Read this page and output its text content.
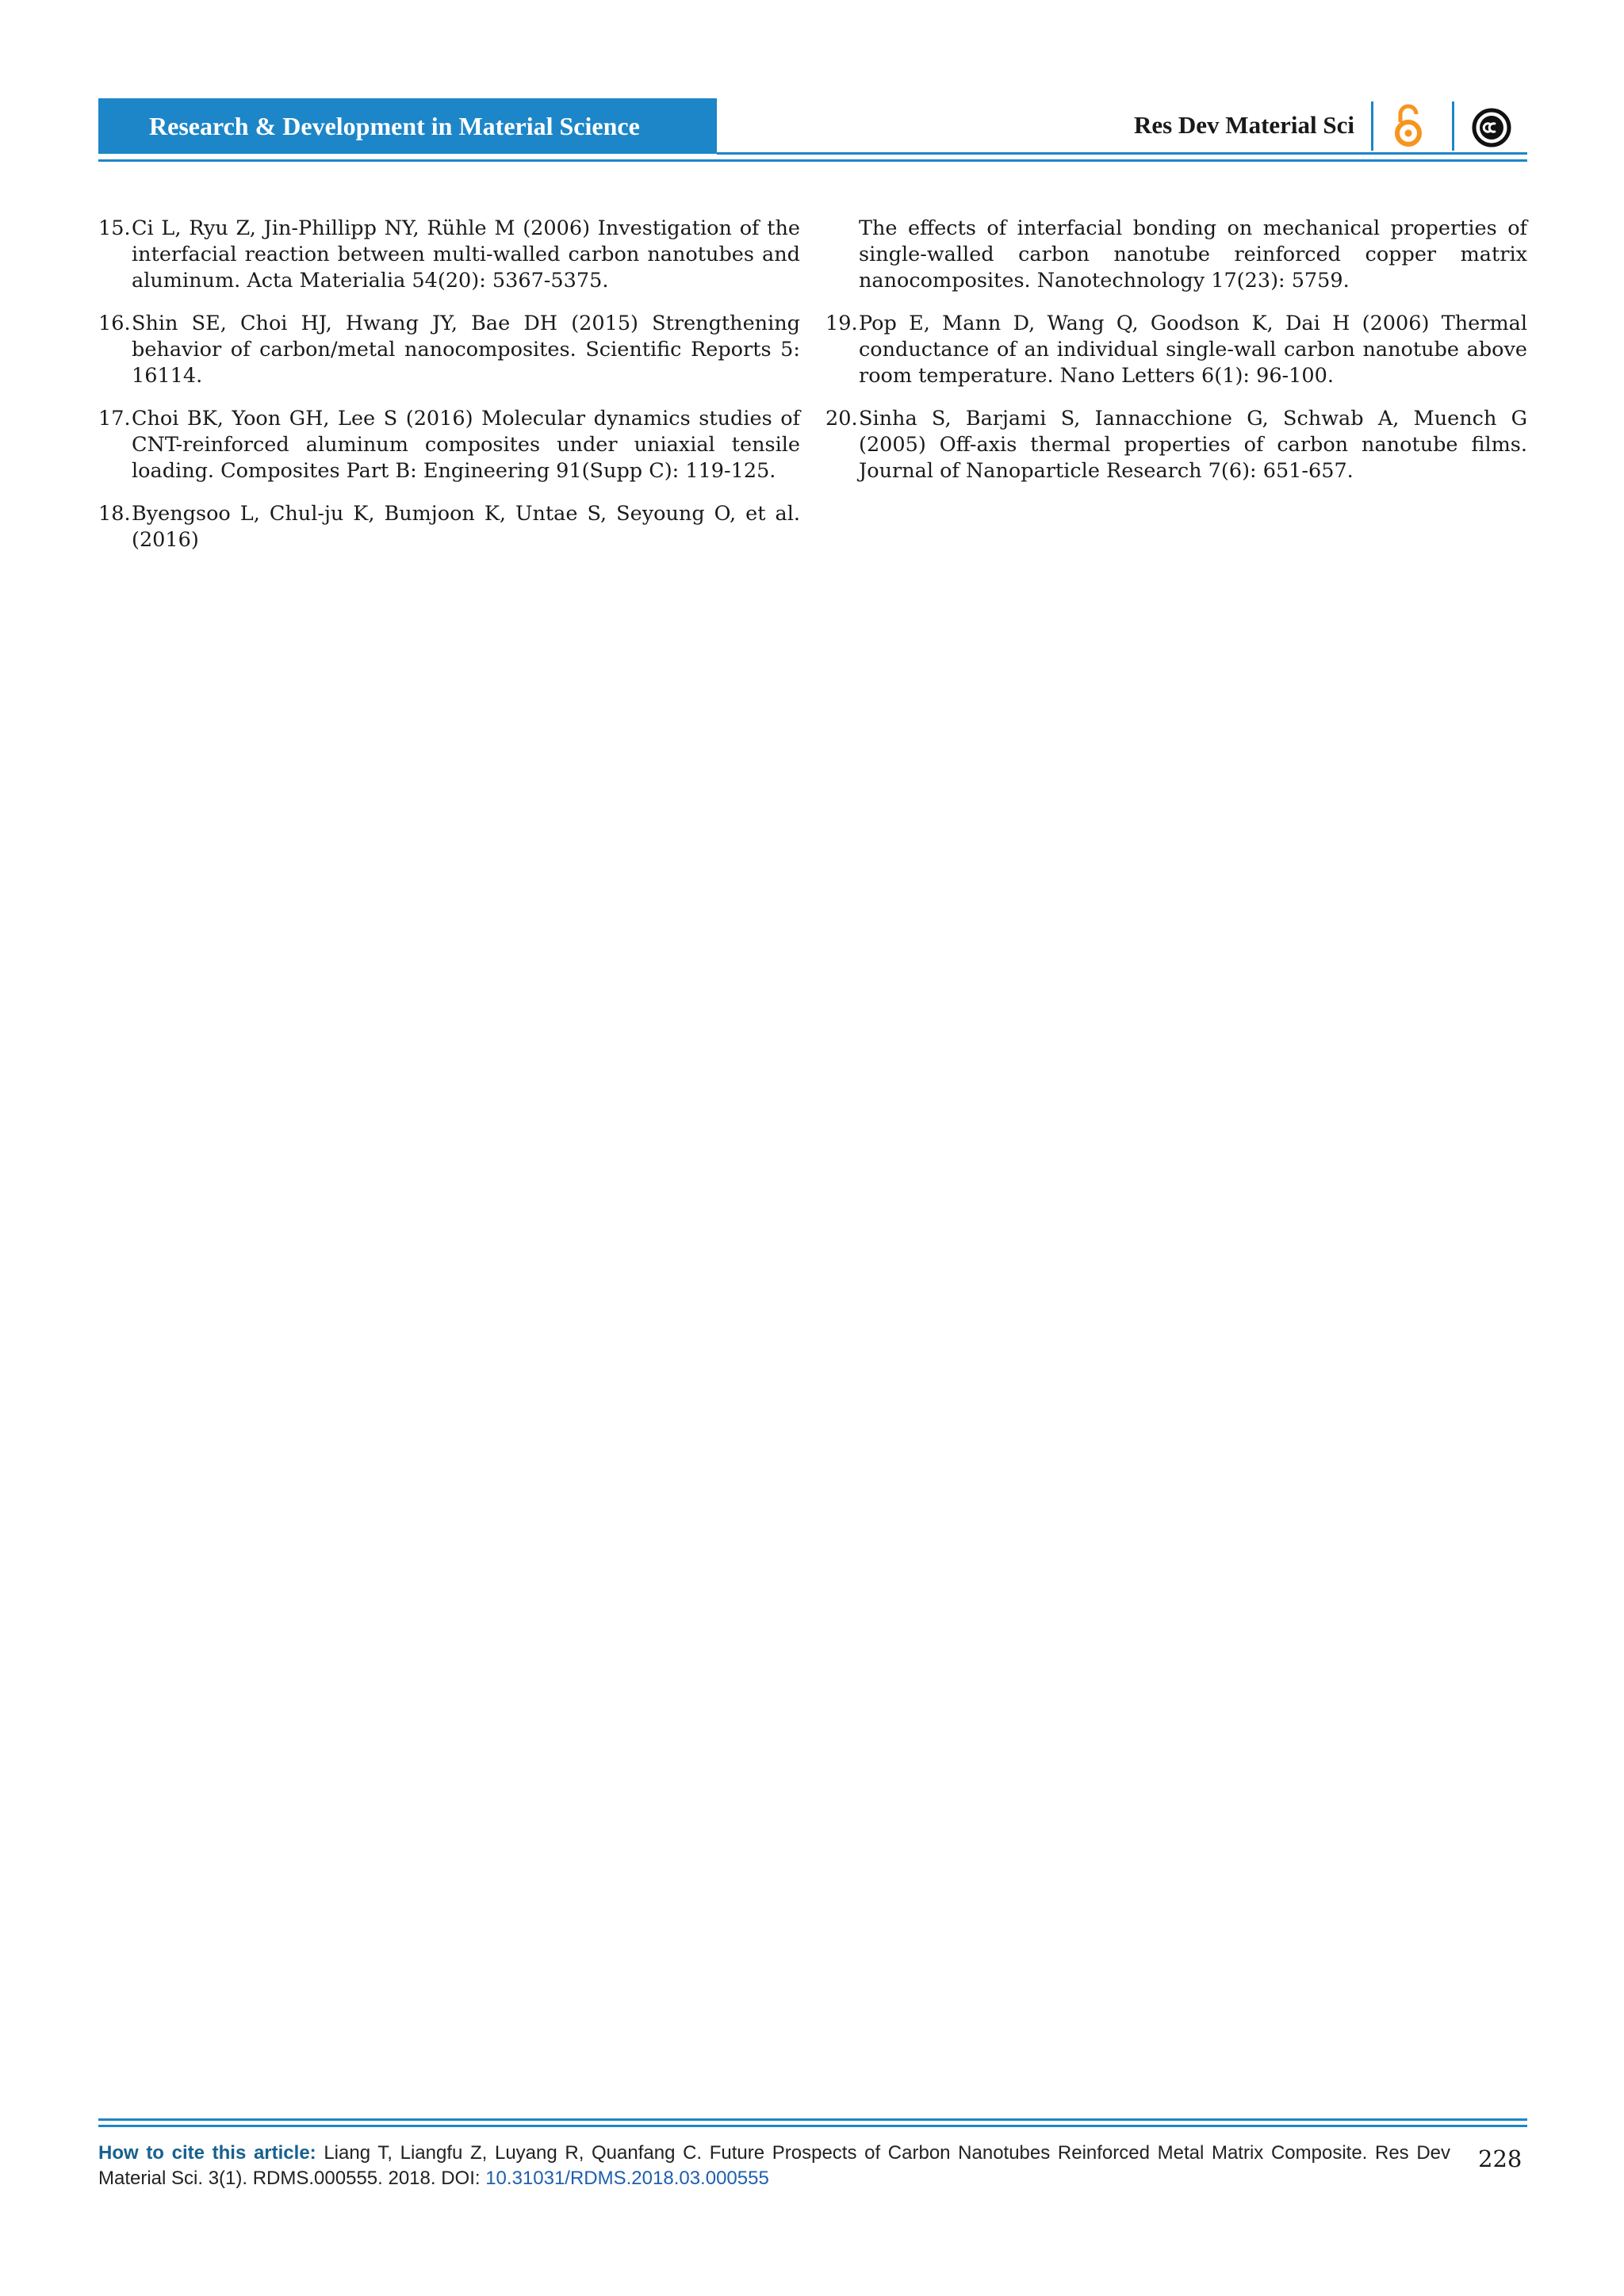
Research & Development in Material Science	Res Dev Material Sci
15. Ci L, Ryu Z, Jin-Phillipp NY, Rühle M (2006) Investigation of the interfacial reaction between multi-walled carbon nanotubes and aluminum. Acta Materialia 54(20): 5367-5375.
16. Shin SE, Choi HJ, Hwang JY, Bae DH (2015) Strengthening behavior of carbon/metal nanocomposites. Scientific Reports 5: 16114.
17. Choi BK, Yoon GH, Lee S (2016) Molecular dynamics studies of CNT-reinforced aluminum composites under uniaxial tensile loading. Composites Part B: Engineering 91(Supp C): 119-125.
18. Byengsoo L, Chul-ju K, Bumjoon K, Untae S, Seyoung O, et al. (2016)
The effects of interfacial bonding on mechanical properties of single-walled carbon nanotube reinforced copper matrix nanocomposites. Nanotechnology 17(23): 5759.
19. Pop E, Mann D, Wang Q, Goodson K, Dai H (2006) Thermal conductance of an individual single-wall carbon nanotube above room temperature. Nano Letters 6(1): 96-100.
20. Sinha S, Barjami S, Iannacchione G, Schwab A, Muench G (2005) Off-axis thermal properties of carbon nanotube films. Journal of Nanoparticle Research 7(6): 651-657.
How to cite this article: Liang T, Liangfu Z, Luyang R, Quanfang C. Future Prospects of Carbon Nanotubes Reinforced Metal Matrix Composite. Res Dev Material Sci. 3(1). RDMS.000555. 2018. DOI: 10.31031/RDMS.2018.03.000555
228
